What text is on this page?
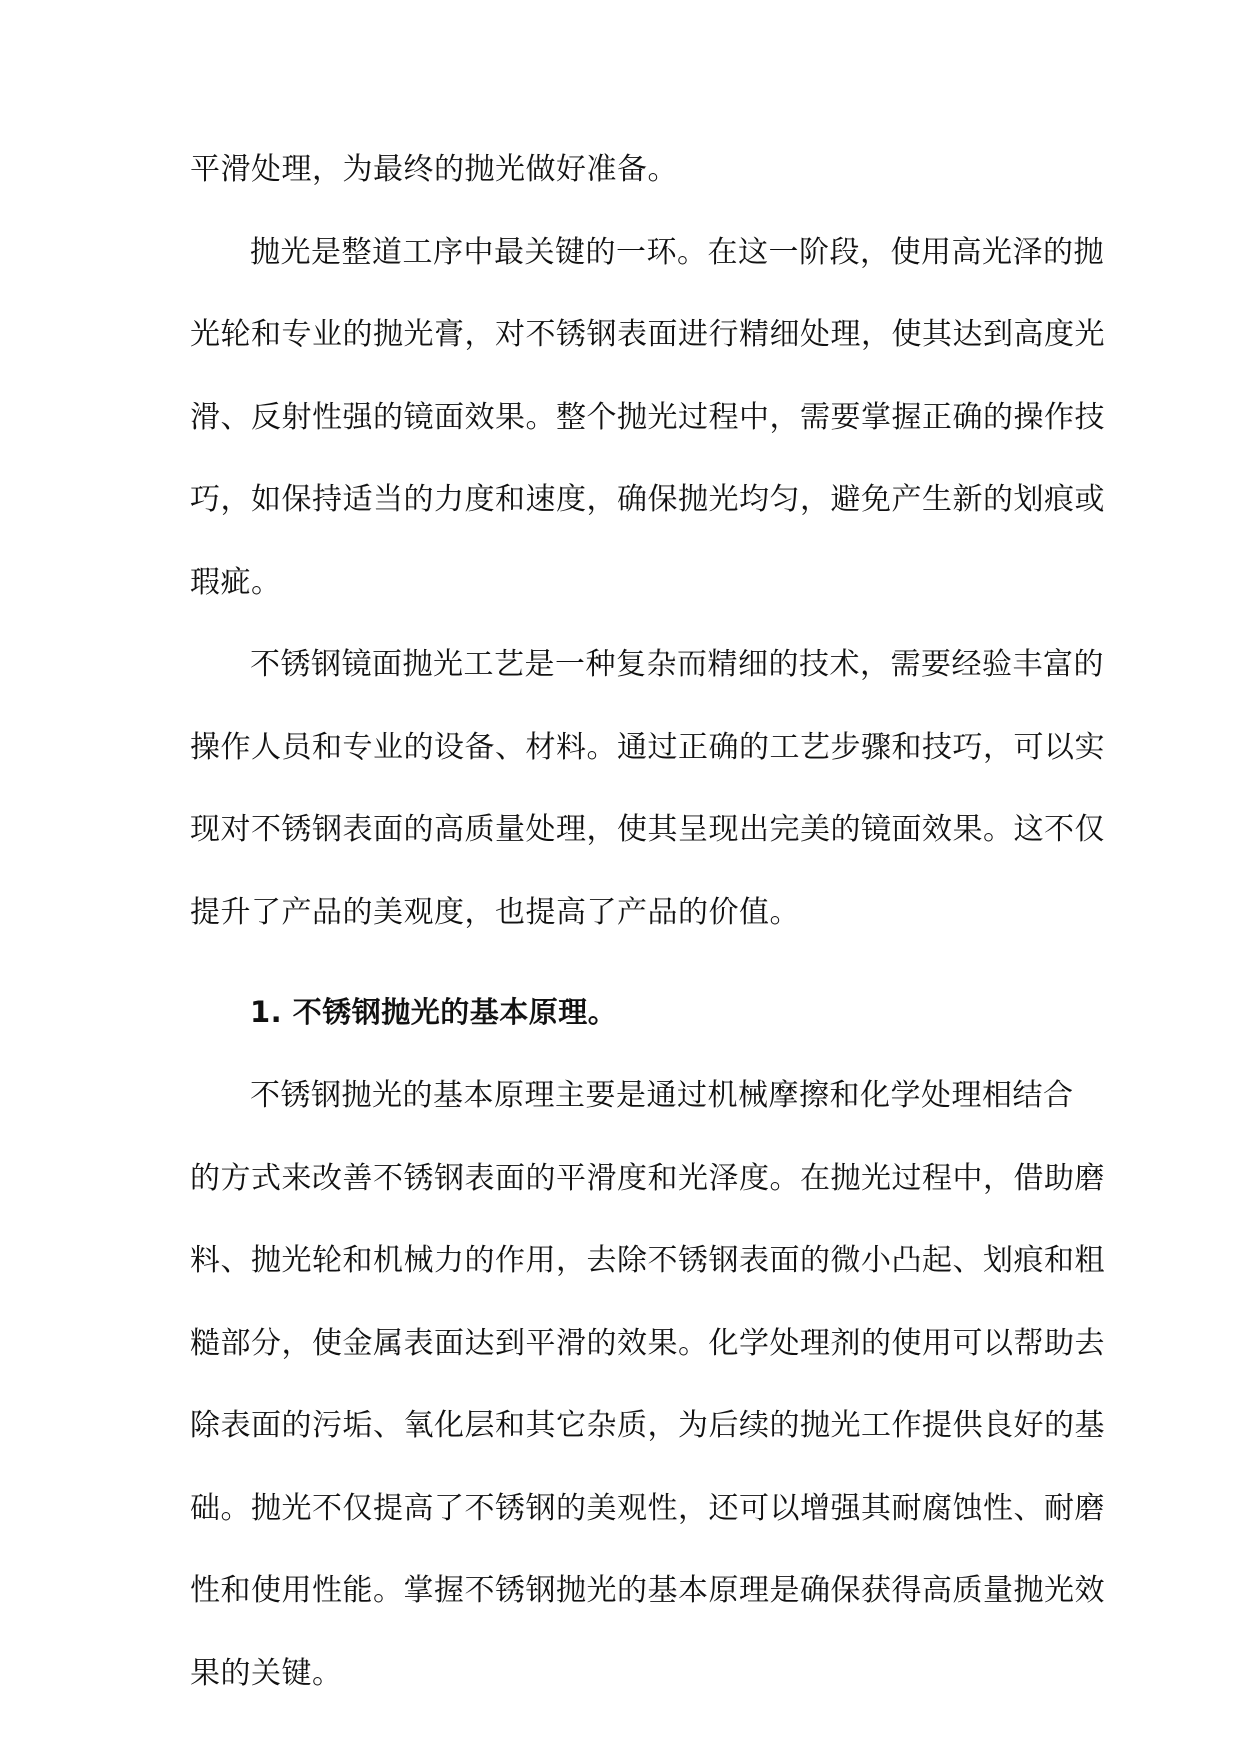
平滑处理，为最终的抛光做好准备。
抛光是整道工序中最关键的一环。在这一阶段，使用高光泽的抛
光轮和专业的抛光膏，对不锈钢表面进行精细处理，使其达到高度光
滑、反射性强的镜面效果。整个抛光过程中，需要掌握正确的操作技
巧，如保持适当的力度和速度，确保抛光均匀，避免产生新的划痕或
瑕疵。
不锈钢镜面抛光工艺是一种复杂而精细的技术，需要经验丰富的
操作人员和专业的设备、材料。通过正确的工艺步骤和技巧，可以实
现对不锈钢表面的高质量处理，使其呈现出完美的镜面效果。这不仅
提升了产品的美观度，也提高了产品的价值。
1. 不锈钢抛光的基本原理。
不锈钢抛光的基本原理主要是通过机械摩擦和化学处理相结合
的方式来改善不锈钢表面的平滑度和光泽度。在抛光过程中，借助磨
料、抛光轮和机械力的作用，去除不锈钢表面的微小凸起、划痕和粗
糙部分，使金属表面达到平滑的效果。化学处理剂的使用可以帮助去
除表面的污垢、氧化层和其它杂质，为后续的抛光工作提供良好的基
础。抛光不仅提高了不锈钢的美观性，还可以增强其耐腐蚀性、耐磨
性和使用性能。掌握不锈钢抛光的基本原理是确保获得高质量抛光效
果的关键。
